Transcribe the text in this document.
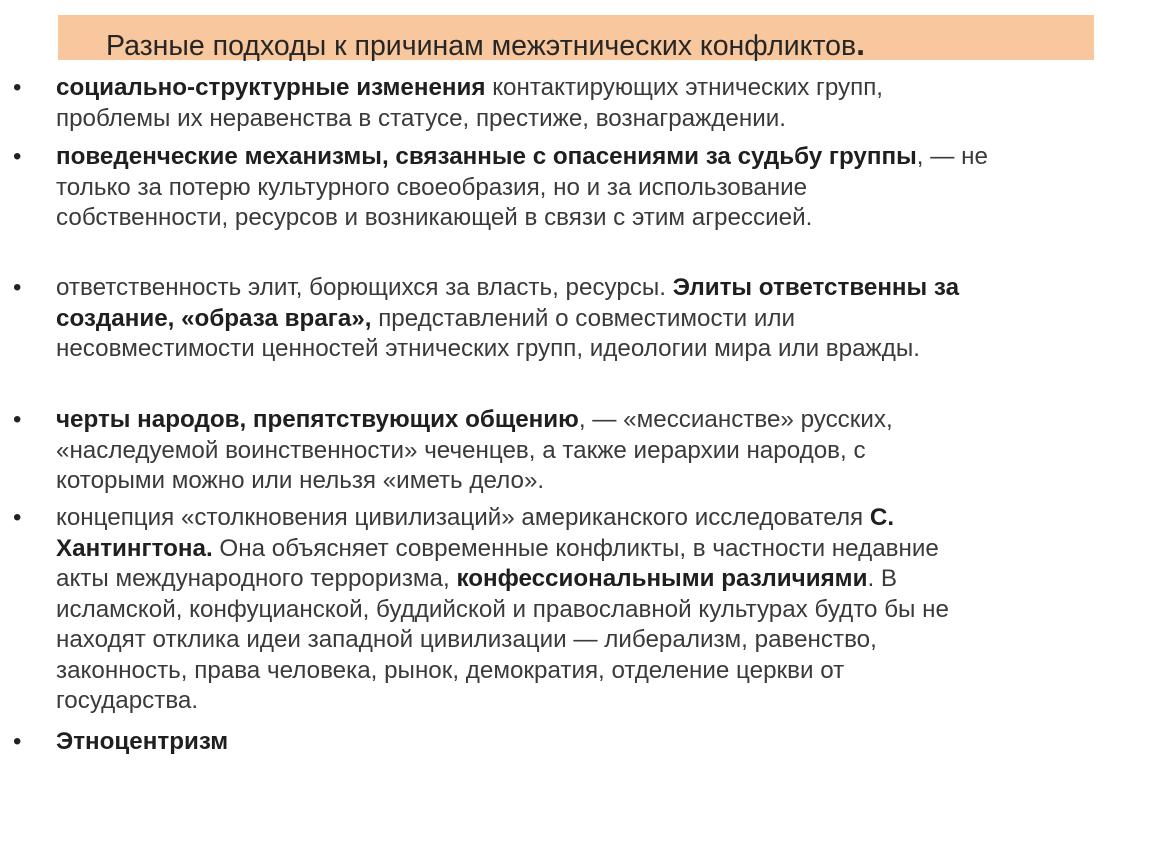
Разные подходы к причинам межэтнических конфликтов.
• социально-структурные изменения контактирующих этнических групп,
проблемы их неравенства в статусе, престиже, вознаграждении.
• поведенческие механизмы, связанные с опасениями за судьбу группы, — не
только за потерю культурного своеобразия, но и за использование
собственности, ресурсов и возникающей в связи с этим агрессией.
• ответственность элит, борющихся за власть, ресурсы. Элиты ответственны за
создание, «образа врага», представлений о совместимости или
несовместимости ценностей этнических групп, идеологии мира или вражды.
• черты народов, препятствующих общению, — «мессианстве» русских,
«наследуемой воинственности» чеченцев, а также иерархии народов, с
которыми можно или нельзя «иметь дело».
• концепция «столкновения цивилизаций» американского исследователя С.
Хантингтона. Она объясняет современные конфликты, в частности недавние
акты международного терроризма, конфессиональными различиями. В
исламской, конфуцианской, буддийской и православной культурах будто бы не
находят отклика идеи западной цивилизации — либерализм, равенство,
законность, права человека, рынок, демократия, отделение церкви от
государства.
• Этноцентризм
